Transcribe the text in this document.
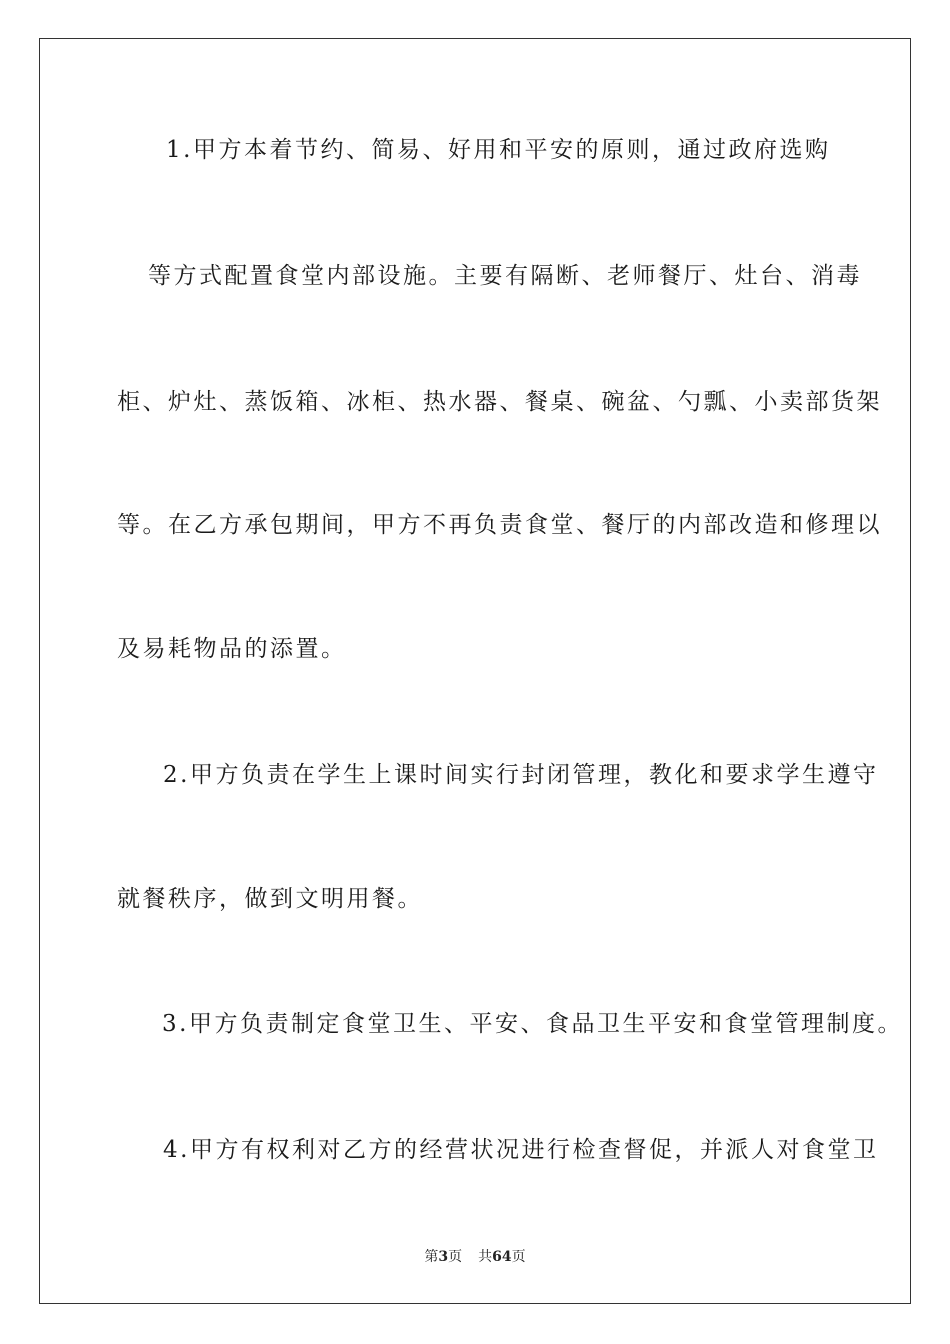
1.甲方本着节约、简易、好用和平安的原则，通过政府选购
等方式配置食堂内部设施。主要有隔断、老师餐厅、灶台、消毒
柜、炉灶、蒸饭箱、冰柜、热水器、餐桌、碗盆、勺瓢、小卖部货架
等。在乙方承包期间，甲方不再负责食堂、餐厅的内部改造和修理以
及易耗物品的添置。
2.甲方负责在学生上课时间实行封闭管理，教化和要求学生遵守
就餐秩序，做到文明用餐。
3.甲方负责制定食堂卫生、平安、食品卫生平安和食堂管理制度。
4.甲方有权利对乙方的经营状况进行检查督促，并派人对食堂卫
第3页 共64页
